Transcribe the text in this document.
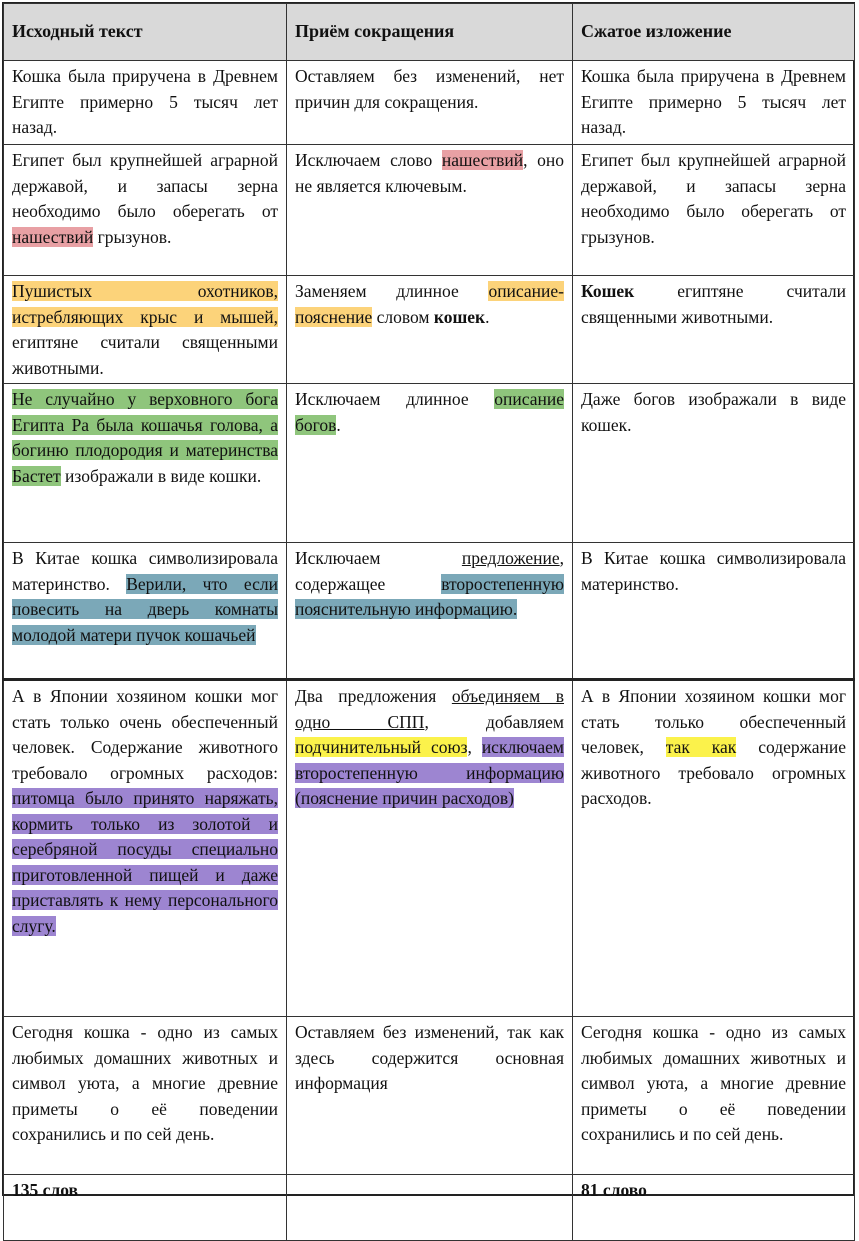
Исходный текст	Приём сокращения	Сжатое изложение
Кошка была приручена в Древнем Египте примерно 5 тысяч лет назад.	Оставляем без изменений, нет причин для сокращения.	Кошка была приручена в Древнем Египте примерно 5 тысяч лет назад.
Египет был крупнейшей аграрной державой, и запасы зерна необходимо было оберегать от нашествий грызунов.	Исключаем слово нашествий, оно не является ключевым.	Египет был крупнейшей аграрной державой, и запасы зерна необходимо было оберегать от грызунов.
Пушистых охотников, истребляющих крыс и мышей, египтяне считали священными животными.	Заменяем длинное описание-пояснение словом кошек.	Кошек египтяне считали священными животными.
Не случайно у верховного бога Египта Ра была кошачья голова, а богиню плодородия и материнства Бастет изображали в виде кошки.	Исключаем длинное описание богов.	Даже богов изображали в виде кошек.
В Китае кошка символизировала материнство. Верили, что если повесить на дверь комнаты молодой матери пучок кошачьей	Исключаем предложение, содержащее второстепенную пояснительную информацию.	В Китае кошка символизировала материнство.
А в Японии хозяином кошки мог стать только очень обеспеченный человек. Содержание животного требовало огромных расходов: питомца было принято наряжать, кормить только из золотой и серебряной посуды специально приготовленной пищей и даже приставлять к нему персонального слугу.	Два предложения объединяем в одно СПП, добавляем подчинительный союз, исключаем второстепенную информацию (пояснение причин расходов)	А в Японии хозяином кошки мог стать только обеспеченный человек, так как содержание животного требовало огромных расходов.
Сегодня кошка - одно из самых любимых домашних животных и символ уюта, а многие древние приметы о её поведении сохранились и по сей день.	Оставляем без изменений, так как здесь содержится основная информация	Сегодня кошка - одно из самых любимых домашних животных и символ уюта, а многие древние приметы о её поведении сохранились и по сей день.
135 слов		81 слово
